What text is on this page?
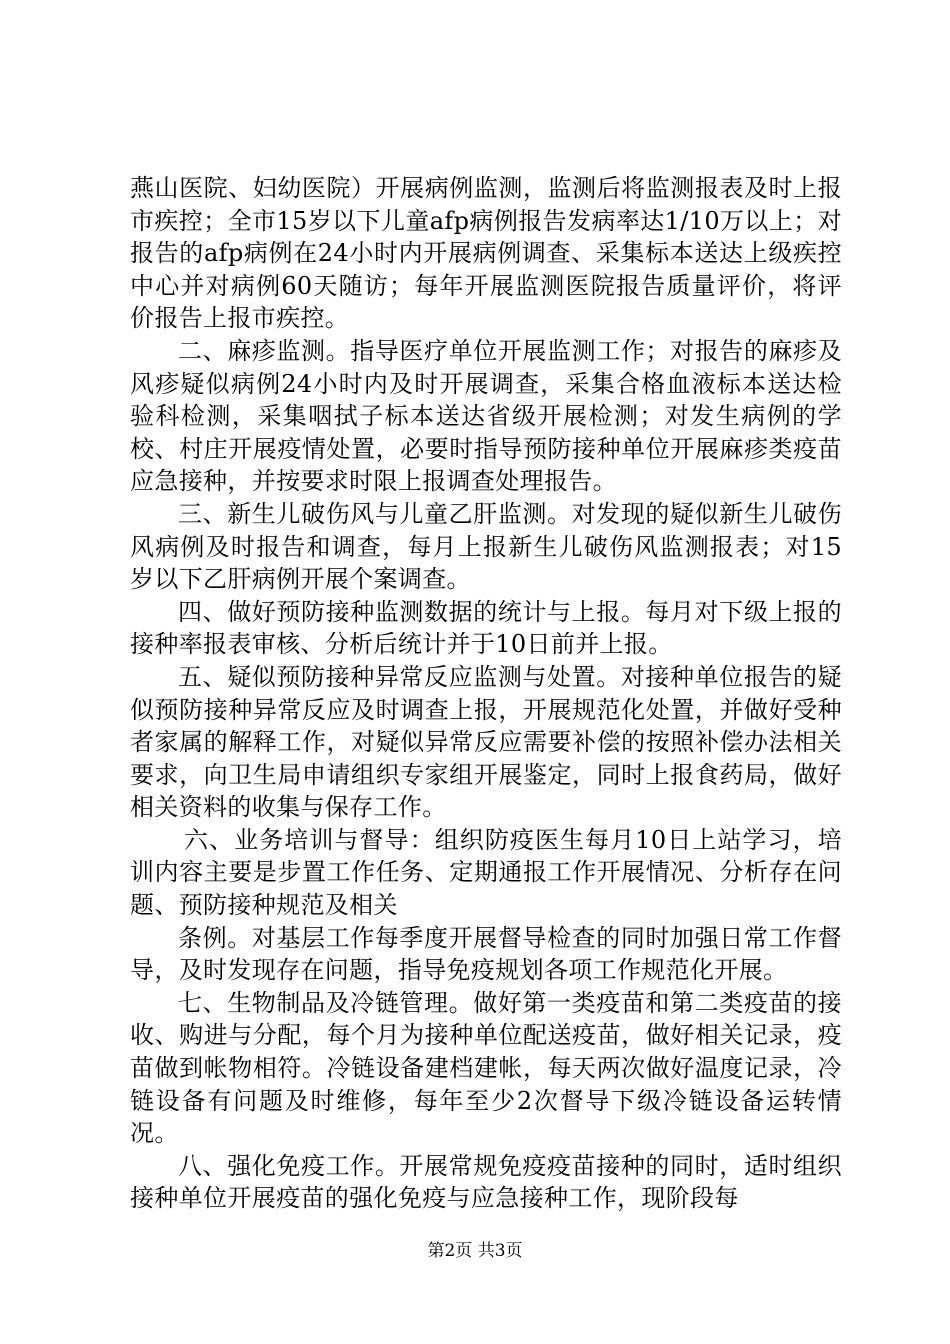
燕山医院、妇幼医院）开展病例监测，监测后将监测报表及时上报市疾控；全市15岁以下儿童afp病例报告发病率达1/10万以上；对报告的afp病例在24小时内开展病例调查、采集标本送达上级疾控中心并对病例60天随访；每年开展监测医院报告质量评价，将评价报告上报市疾控。

二、麻疹监测。指导医疗单位开展监测工作；对报告的麻疹及风疹疑似病例24小时内及时开展调查，采集合格血液标本送达检验科检测，采集咽拭子标本送达省级开展检测；对发生病例的学校、村庄开展疫情处置，必要时指导预防接种单位开展麻疹类疫苗应急接种，并按要求时限上报调查处理报告。

三、新生儿破伤风与儿童乙肝监测。对发现的疑似新生儿破伤风病例及时报告和调查，每月上报新生儿破伤风监测报表；对15岁以下乙肝病例开展个案调查。

四、做好预防接种监测数据的统计与上报。每月对下级上报的接种率报表审核、分析后统计并于10日前并上报。

五、疑似预防接种异常反应监测与处置。对接种单位报告的疑似预防接种异常反应及时调查上报，开展规范化处置，并做好受种者家属的解释工作，对疑似异常反应需要补偿的按照补偿办法相关要求，向卫生局申请组织专家组开展鉴定，同时上报食药局，做好相关资料的收集与保存工作。

六、业务培训与督导：组织防疫医生每月10日上站学习，培训内容主要是步置工作任务、定期通报工作开展情况、分析存在问题、预防接种规范及相关

条例。对基层工作每季度开展督导检查的同时加强日常工作督导，及时发现存在问题，指导免疫规划各项工作规范化开展。

七、生物制品及冷链管理。做好第一类疫苗和第二类疫苗的接收、购进与分配，每个月为接种单位配送疫苗，做好相关记录，疫苗做到帐物相符。冷链设备建档建帐，每天两次做好温度记录，冷链设备有问题及时维修，每年至少2次督导下级冷链设备运转情况。

八、强化免疫工作。开展常规免疫疫苗接种的同时，适时组织接种单位开展疫苗的强化免疫与应急接种工作，现阶段每

第2页 共3页
